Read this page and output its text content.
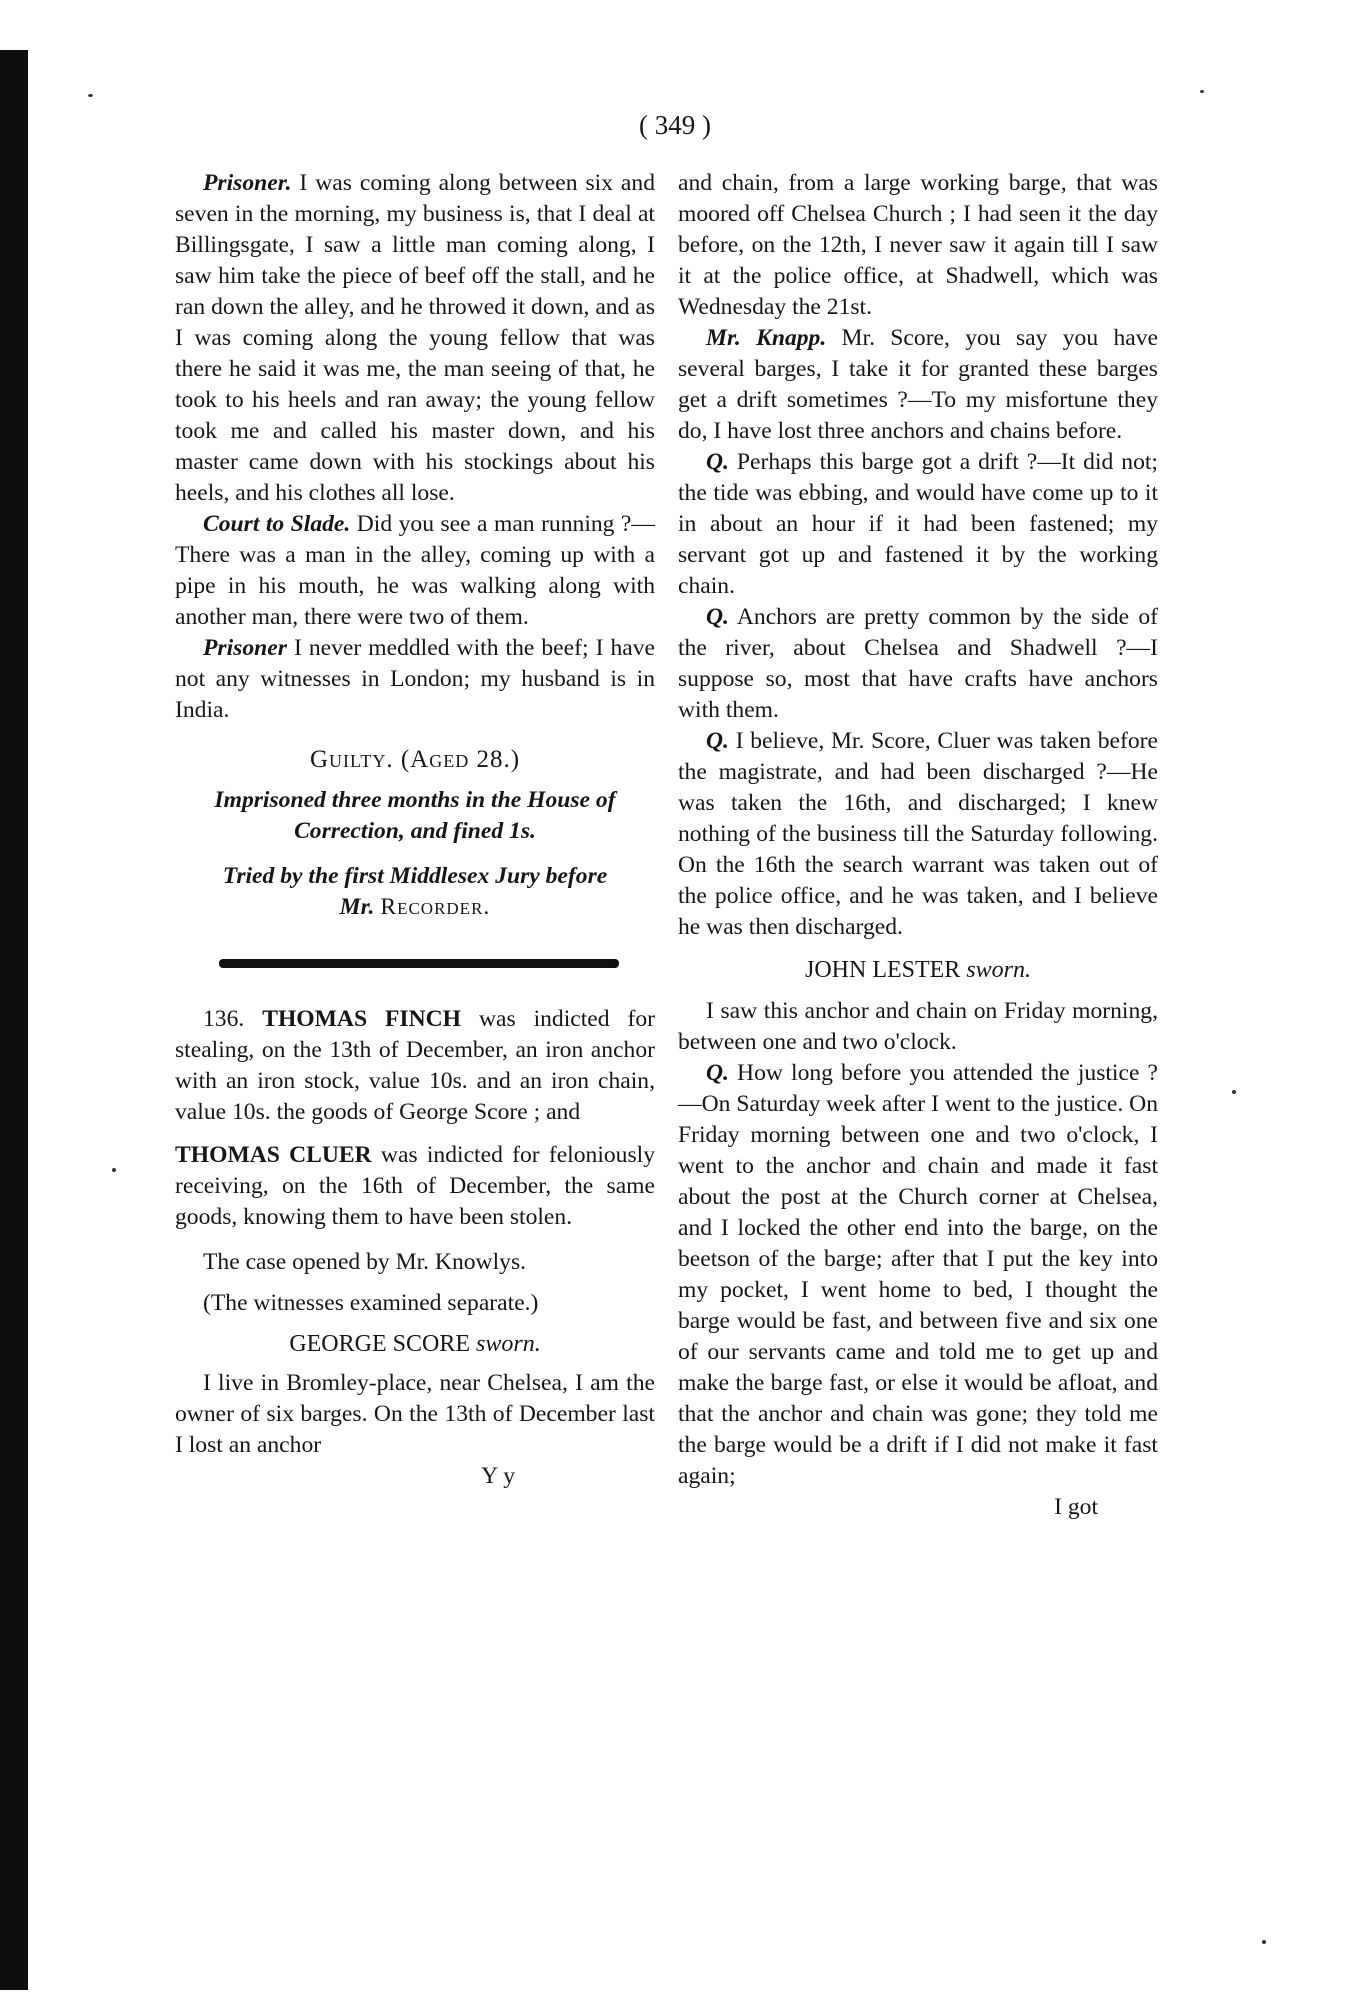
( 349 )

Prisoner. I was coming along between six and seven in the morning, my business is, that I deal at Billingsgate, I saw a little man coming along, I saw him take the piece of beef off the stall, and he ran down the alley, and he throwed it down, and as I was coming along the young fellow that was there he said it was me, the man seeing of that, he took to his heels and ran away; the young fellow took me and called his master down, and his master came down with his stockings about his heels, and his clothes all lose.

Court to Slade. Did you see a man running ?— There was a man in the alley, coming up with a pipe in his mouth, he was walking along with another man, there were two of them.

Prisoner I never meddled with the beef; I have not any witnesses in London; my husband is in India.

Guilty. (Aged 28.)

Imprisoned three months in the House of Correction, and fined 1s.

Tried by the first Middlesex Jury before

Mr. Recorder.

136. THOMAS FINCH was indicted for stealing, on the 13th of December, an iron anchor with an iron stock, value 10s. and an iron chain, value 10s. the goods of George Score ; and

THOMAS CLUER was indicted for feloniously receiving, on the 16th of December, the same goods, knowing them to have been stolen.

The case opened by Mr. Knowlys.

(The witnesses examined separate.)

GEORGE SCORE sworn.

I live in Bromley-place, near Chelsea, I am the owner of six barges. On the 13th of December last I lost an anchor

Y y

and chain, from a large working barge, that was moored off Chelsea Church ; I had seen it the day before, on the 12th, I never saw it again till I saw it at the police office, at Shadwell, which was Wednesday the 21st.

Mr. Knapp. Mr. Score, you say you have several barges, I take it for granted these barges get a drift sometimes ?—To my misfortune they do, I have lost three anchors and chains before.

Q. Perhaps this barge got a drift ?—It did not; the tide was ebbing, and would have come up to it in about an hour if it had been fastened; my servant got up and fastened it by the working chain.

Q. Anchors are pretty common by the side of the river, about Chelsea and Shadwell ?—I suppose so, most that have crafts have anchors with them.

Q. I believe, Mr. Score, Cluer was taken before the magistrate, and had been discharged ?—He was taken the 16th, and discharged; I knew nothing of the business till the Saturday following. On the 16th the search warrant was taken out of the police office, and he was taken, and I believe he was then discharged.

JOHN LESTER sworn.

I saw this anchor and chain on Friday morning, between one and two o'clock.

Q. How long before you attended the justice ?—On Saturday week after I went to the justice. On Friday morning between one and two o'clock, I went to the anchor and chain and made it fast about the post at the Church corner at Chelsea, and I locked the other end into the barge, on the beetson of the barge; after that I put the key into my pocket, I went home to bed, I thought the barge would be fast, and between five and six one of our servants came and told me to get up and make the barge fast, or else it would be afloat, and that the anchor and chain was gone; they told me the barge would be a drift if I did not make it fast again;

I got
